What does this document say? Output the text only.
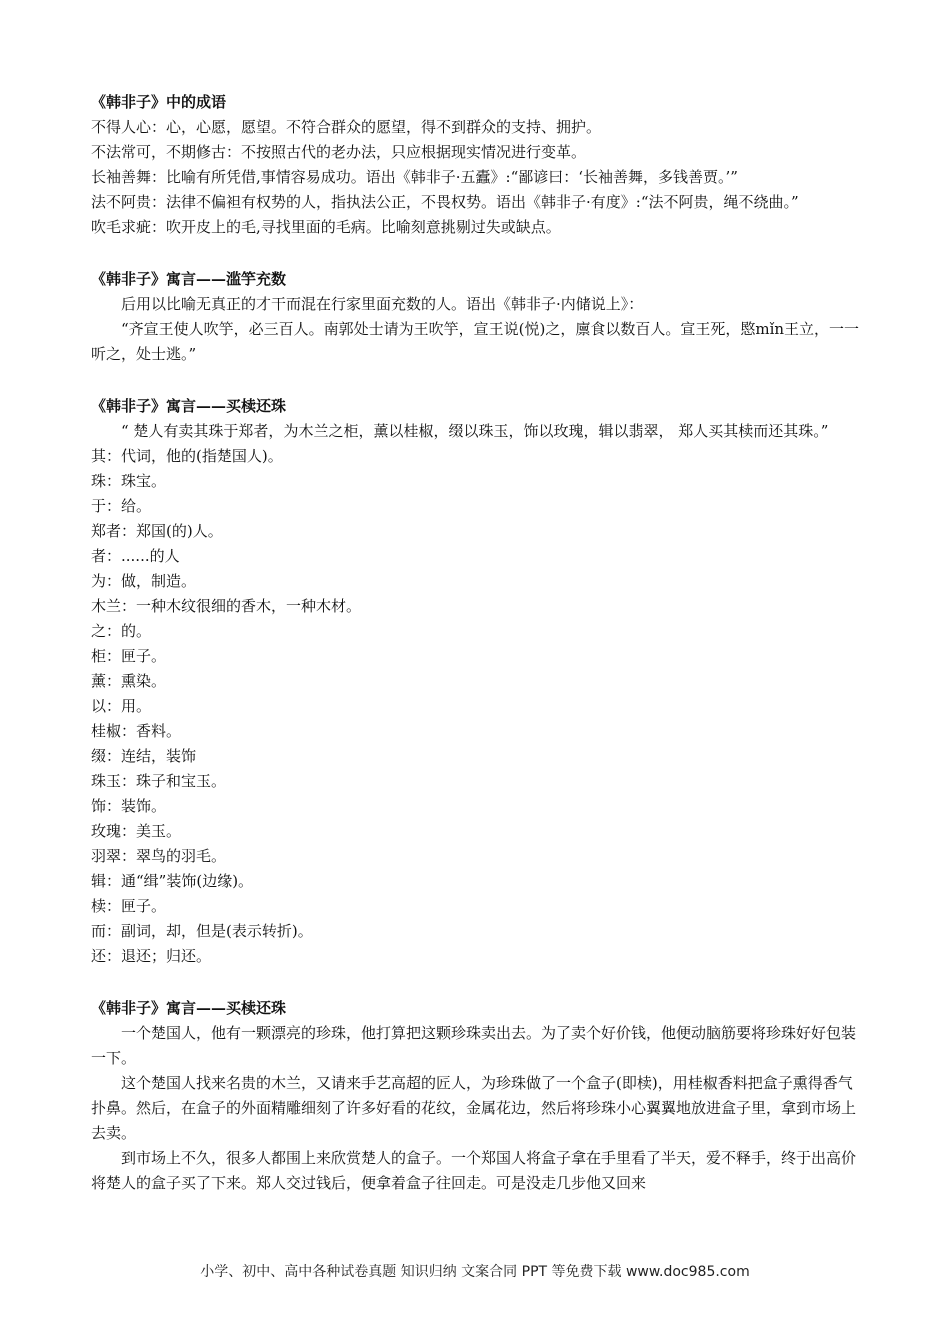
《韩非子》中的成语

不得人心：心，心愿，愿望。不符合群众的愿望，得不到群众的支持、拥护。

不法常可，不期修古：不按照古代的老办法，只应根据现实情况进行变革。

长袖善舞：比喻有所凭借,事情容易成功。语出《韩非子·五蠹》:“鄙谚曰：‘长袖善舞，多钱善贾。’”

法不阿贵：法律不偏袒有权势的人，指执法公正，不畏权势。语出《韩非子·有度》:“法不阿贵，绳不绕曲。”

吹毛求疵：吹开皮上的毛,寻找里面的毛病。比喻刻意挑剔过失或缺点。

《韩非子》寓言——滥竽充数

后用以比喻无真正的才干而混在行家里面充数的人。语出《韩非子·内储说上》：

“齐宣王使人吹竽，必三百人。南郭处士请为王吹竽，宣王说(悦)之，廪食以数百人。宣王死，愍mǐn王立，一一听之，处士逃。”

《韩非子》寓言——买椟还珠

“ 楚人有卖其珠于郑者，为木兰之柜，薰以桂椒，缀以珠玉，饰以玫瑰，辑以翡翠， 郑人买其椟而还其珠。”

其：代词，他的(指楚国人)。

珠：珠宝。

于：给。

郑者：郑国(的)人。

者：......的人

为：做，制造。

木兰：一种木纹很细的香木，一种木材。

之：的。

柜：匣子。

薰：熏染。

以：用。

桂椒：香料。

缀：连结，装饰

珠玉：珠子和宝玉。

饰：装饰。

玫瑰：美玉。

羽翠：翠鸟的羽毛。

辑：通“缉”装饰(边缘)。

椟：匣子。

而：副词，却，但是(表示转折)。

还：退还；归还。

《韩非子》寓言——买椟还珠

一个楚国人，他有一颗漂亮的珍珠，他打算把这颗珍珠卖出去。为了卖个好价钱，他便动脑筋要将珍珠好好包装一下。

这个楚国人找来名贵的木兰，又请来手艺高超的匠人，为珍珠做了一个盒子(即椟)，用桂椒香料把盒子熏得香气扑鼻。然后，在盒子的外面精雕细刻了许多好看的花纹，金属花边，然后将珍珠小心翼翼地放进盒子里，拿到市场上去卖。

到市场上不久，很多人都围上来欣赏楚人的盒子。一个郑国人将盒子拿在手里看了半天，爱不释手，终于出高价将楚人的盒子买了下来。郑人交过钱后，便拿着盒子往回走。可是没走几步他又回来

小学、初中、高中各种试卷真题 知识归纳 文案合同 PPT 等免费下载 www.doc985.com
